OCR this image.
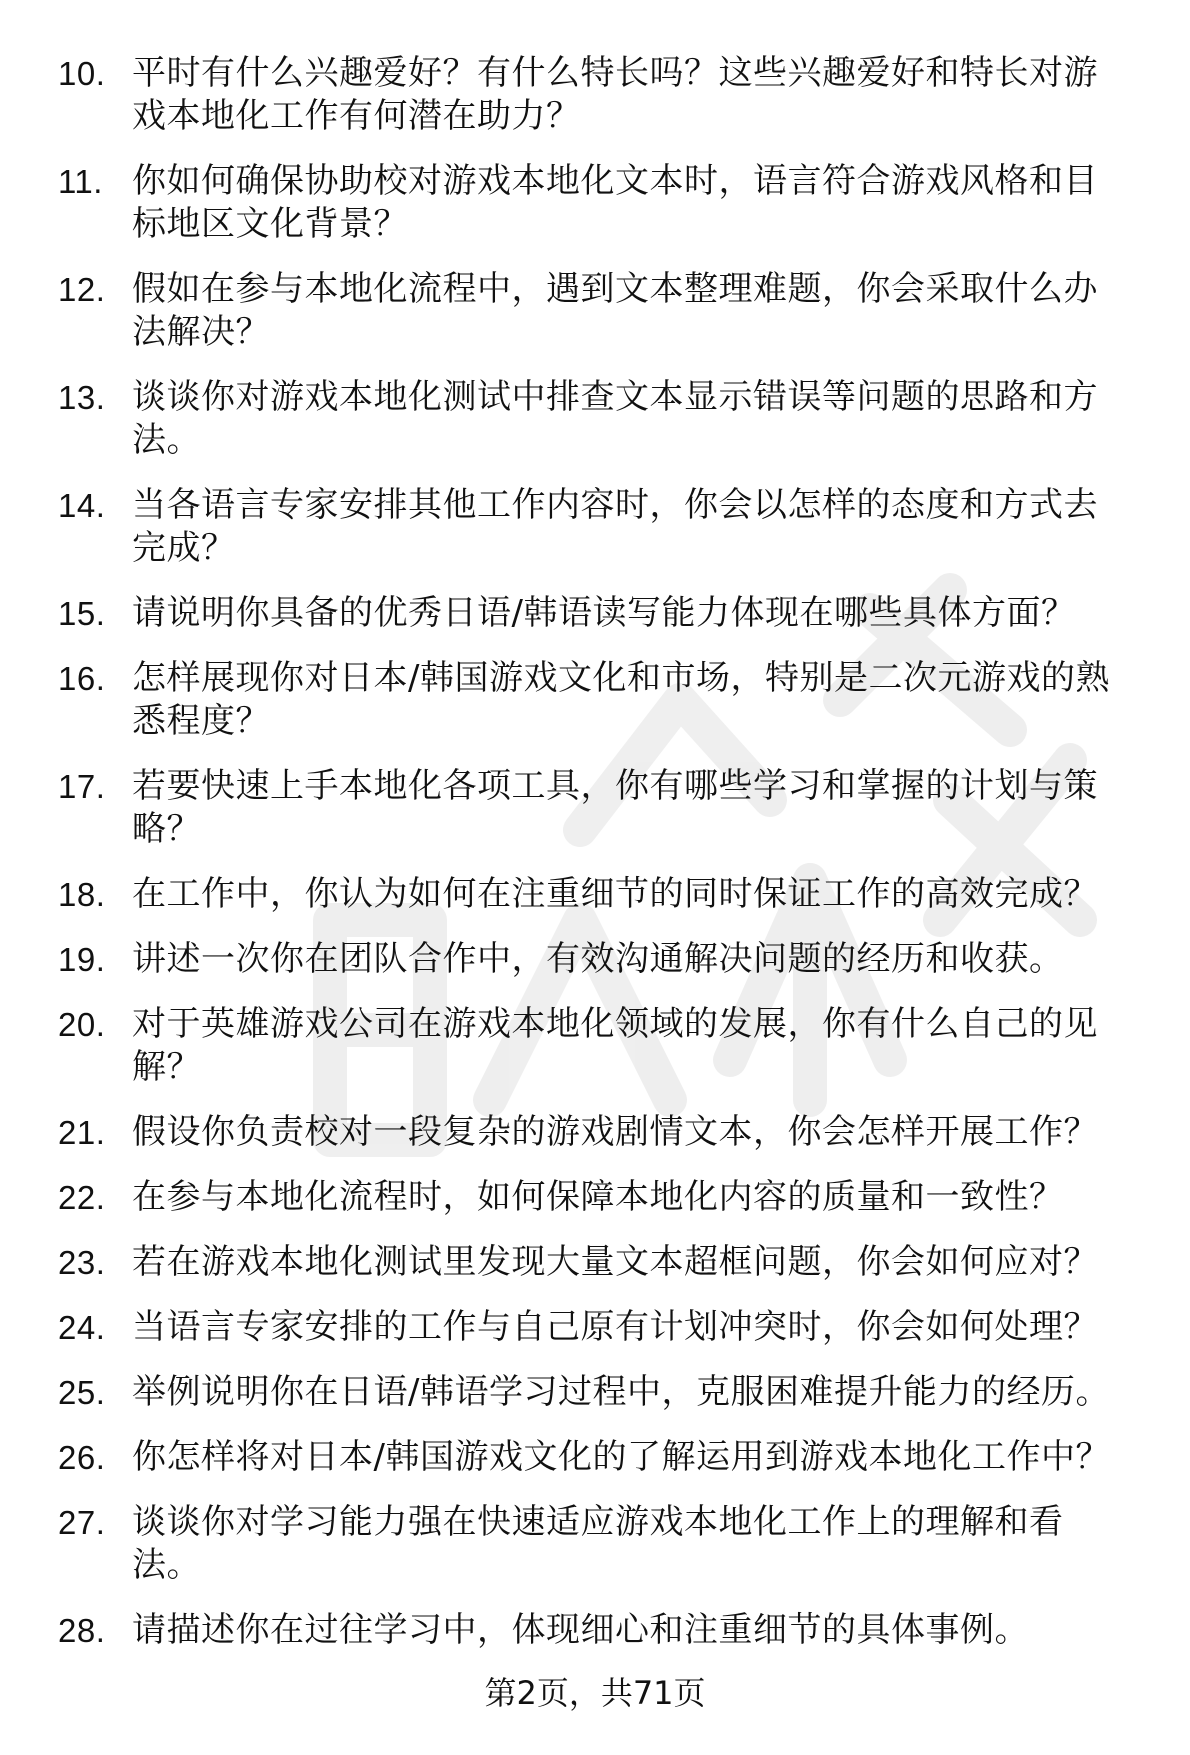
10. 平时有什么兴趣爱好？有什么特长吗？这些兴趣爱好和特长对游戏本地化工作有何潜在助力？
11. 你如何确保协助校对游戏本地化文本时，语言符合游戏风格和目标地区文化背景？
12. 假如在参与本地化流程中，遇到文本整理难题，你会采取什么办法解决？
13. 谈谈你对游戏本地化测试中排查文本显示错误等问题的思路和方法。
14. 当各语言专家安排其他工作内容时，你会以怎样的态度和方式去完成？
15. 请说明你具备的优秀日语/韩语读写能力体现在哪些具体方面？
16. 怎样展现你对日本/韩国游戏文化和市场，特别是二次元游戏的熟悉程度？
17. 若要快速上手本地化各项工具，你有哪些学习和掌握的计划与策略？
18. 在工作中，你认为如何在注重细节的同时保证工作的高效完成？
19. 讲述一次你在团队合作中，有效沟通解决问题的经历和收获。
20. 对于英雄游戏公司在游戏本地化领域的发展，你有什么自己的见解？
21. 假设你负责校对一段复杂的游戏剧情文本，你会怎样开展工作？
22. 在参与本地化流程时，如何保障本地化内容的质量和一致性？
23. 若在游戏本地化测试里发现大量文本超框问题，你会如何应对？
24. 当语言专家安排的工作与自己原有计划冲突时，你会如何处理？
25. 举例说明你在日语/韩语学习过程中，克服困难提升能力的经历。
26. 你怎样将对日本/韩国游戏文化的了解运用到游戏本地化工作中？
27. 谈谈你对学习能力强在快速适应游戏本地化工作上的理解和看法。
28. 请描述你在过往学习中，体现细心和注重细节的具体事例。
第2页，共71页
